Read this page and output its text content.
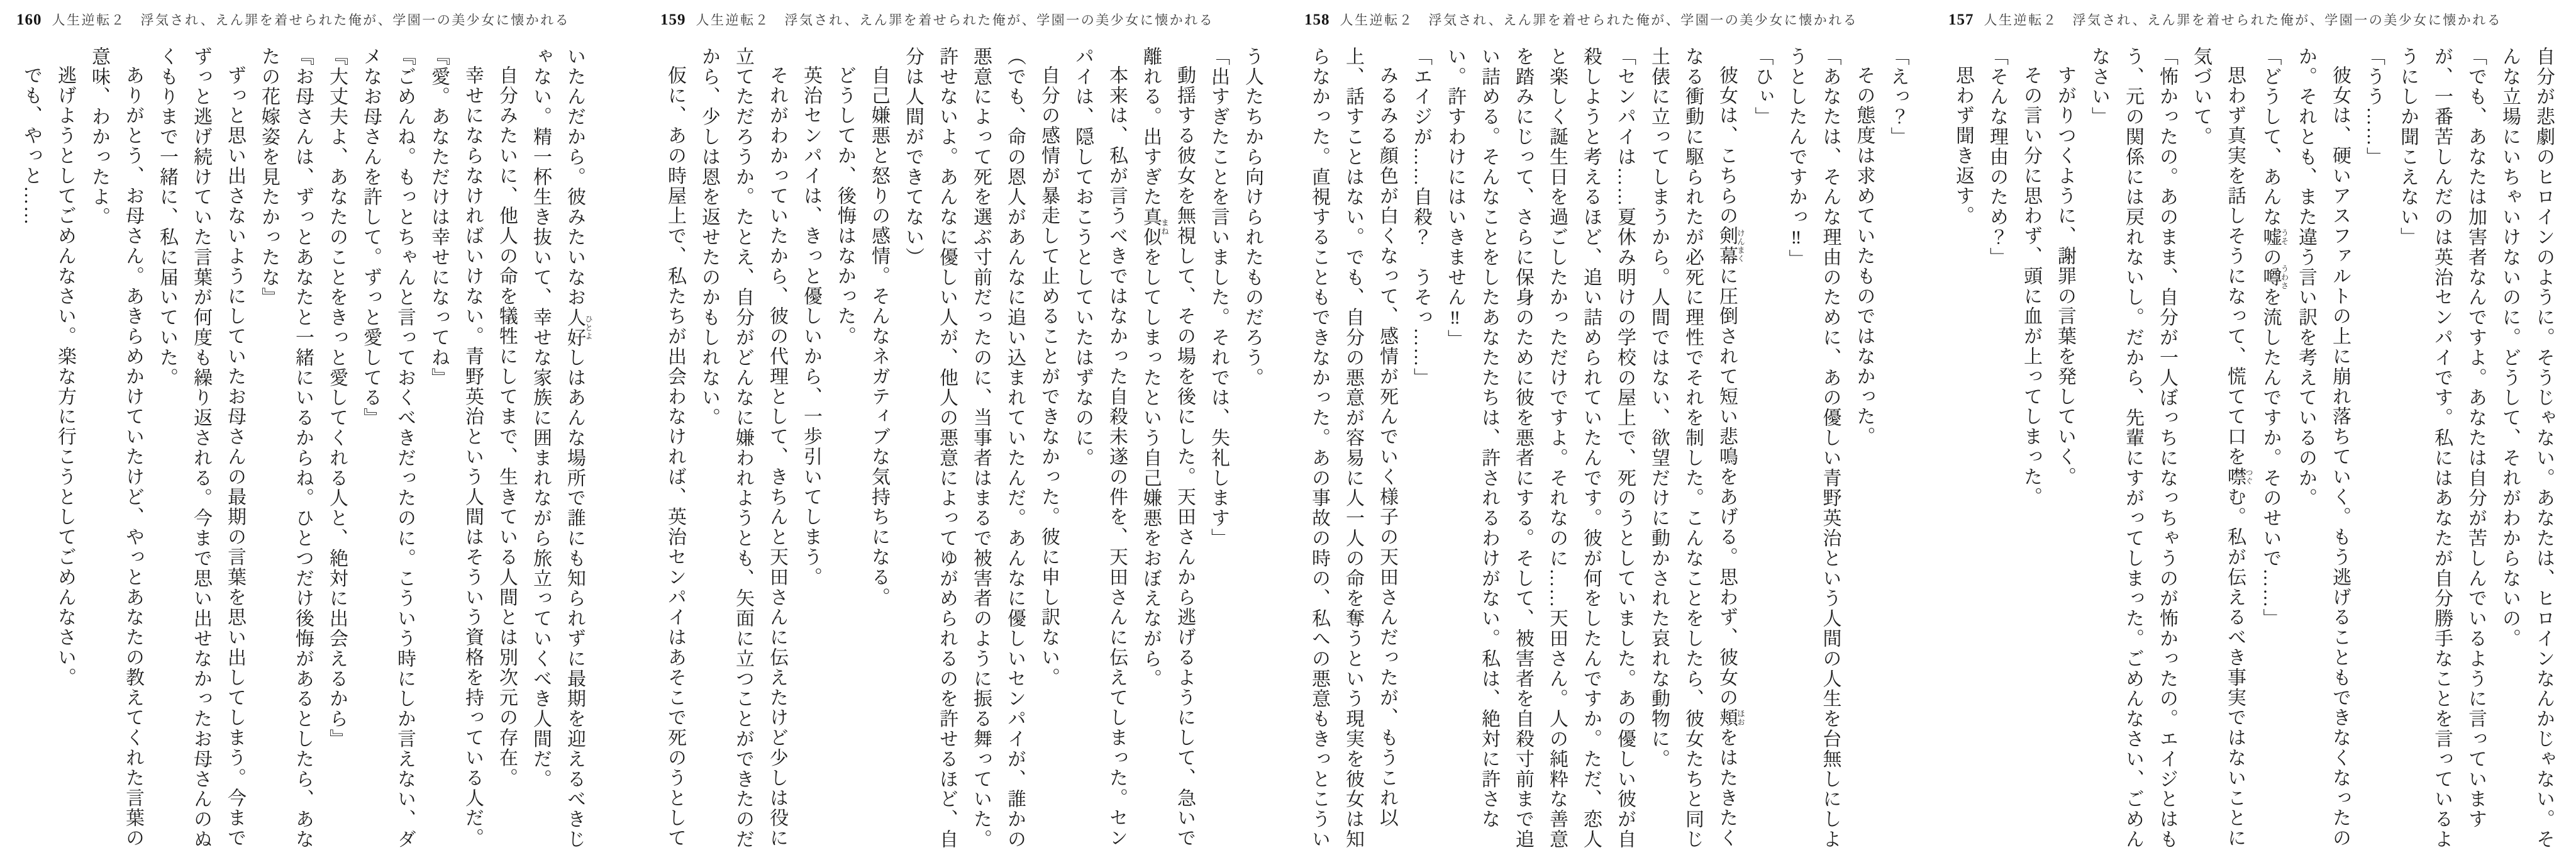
157 人生逆転２　浮気され、えん罪を着せられた俺が、学園一の美少女に懐かれる

自分が悲劇のヒロインのように。そうじゃない。あなたは、ヒロインなんかじゃない。そんな立場にいちゃいけないのに。どうして、それがわからないの。

「でも、あなたは加害者なんですよ。あなたは自分が苦しんでいるように言っていますが、一番苦しんだのは英治センパイです。私にはあなたが自分勝手なことを言っているようにしか聞こえない」

「うう……」

彼女は、硬いアスファルトの上に崩れ落ちていく。もう逃げることもできなくなったのか。それとも、また違う言い訳を考えているのか。

「どうして、あんな嘘うその噂うわさを流したんですか。そのせいで……」

思わず真実を話しそうになって、慌てて口を噤つぐむ。私が伝えるべき事実ではないことに気づいて。

「怖かったの。あのまま、自分が一人ぼっちになっちゃうのが怖かったの。エイジとはもう、元の関係には戻れないし。だから、先輩にすがってしまった。ごめんなさい、ごめんなさい」

すがりつくように、謝罪の言葉を発していく。

その言い分に思わず、頭に血が上ってしまった。

「そんな理由のため？」

思わず聞き返す。

158 人生逆転２　浮気され、えん罪を着せられた俺が、学園一の美少女に懐かれる

「えっ？」

その態度は求めていたものではなかった。

「あなたは、そんな理由のために、あの優しい青野英治という人間の人生を台無しにしようとしたんですかっ‼」

「ひぃ」

彼女は、こちらの剣幕けんまくに圧倒されて短い悲鳴をあげる。思わず、彼女の頬ほおをはたきたくなる衝動に駆られたが必死に理性でそれを制した。こんなことをしたら、彼女たちと同じ土俵に立ってしまうから。人間ではない、欲望だけに動かされた哀れな動物に。

「センパイは……夏休み明けの学校の屋上で、死のうとしていました。あの優しい彼が自殺しようと考えるほど、追い詰められていたんです。彼が何をしたんですか。ただ、恋人と楽しく誕生日を過ごしたかっただけですよ。それなのに……天田さん。人の純粋な善意を踏みにじって、さらに保身のために彼を悪者にする。そして、被害者を自殺寸前まで追い詰める。そんなことをしたあなたたちは、許されるわけがない。私は、絶対に許さない。許すわけにはいきません‼」

「エイジが……自殺？　うそっ……」

みるみる顔色が白くなって、感情が死んでいく様子の天田さんだったが、もうこれ以上、話すことはない。でも、自分の悪意が容易に人一人の命を奪うという現実を彼女は知らなかった。直視することもできなかった。あの事故の時の、私への悪意もきっとこうい

159 人生逆転２　浮気され、えん罪を着せられた俺が、学園一の美少女に懐かれる

う人たちから向けられたものだろう。

「出すぎたことを言いました。それでは、失礼します」

動揺する彼女を無視して、その場を後にした。天田さんから逃げるようにして、急いで離れる。出すぎた真似まねをしてしまったという自己嫌悪をおぼえながら。

本来は、私が言うべきではなかった自殺未遂の件を、天田さんに伝えてしまった。センパイは、隠しておこうとしていたはずなのに。

自分の感情が暴走して止めることができなかった。彼に申し訳ない。

（でも、命の恩人があんなに追い込まれていたんだ。あんなに優しいセンパイが、誰かの悪意によって死を選ぶ寸前だったのに、当事者はまるで被害者のように振る舞っていた。許せないよ。あんなに優しい人が、他人の悪意によってゆがめられるのを許せるほど、自分は人間ができてない）

自己嫌悪と怒りの感情。そんなネガティブな気持ちになる。

どうしてか、後悔はなかった。

英治センパイは、きっと優しいから、一歩引いてしまう。

それがわかっていたから、彼の代理として、きちんと天田さんに伝えたけど少しは役に立てただろうか。たとえ、自分がどんなに嫌われようとも、矢面に立つことができたのだから、少しは恩を返せたのかもしれない。

仮に、あの時屋上で、私たちが出会わなければ、英治センパイはあそこで死のうとして

160 人生逆転２　浮気され、えん罪を着せられた俺が、学園一の美少女に懐かれる

いたんだから。彼みたいなお人好ひとよしはあんな場所で誰にも知られずに最期を迎えるべきじゃない。精一杯生き抜いて、幸せな家族に囲まれながら旅立っていくべき人間だ。

自分みたいに、他人の命を犠牲にしてまで、生きている人間とは別次元の存在。

幸せにならなければいけない。青野英治という人間はそういう資格を持っている人だ。

『愛。あなただけは幸せになってね』

『ごめんね。もっとちゃんと言っておくべきだったのに。こういう時にしか言えない、ダメなお母さんを許して。ずっと愛してる』

『大丈夫よ、あなたのことをきっと愛してくれる人と、絶対に出会えるから』

『お母さんは、ずっとあなたと一緒にいるからね。ひとつだけ後悔があるとしたら、あなたの花嫁姿を見たかったな』

ずっと思い出さないようにしていたお母さんの最期の言葉を思い出してしまう。今までずっと逃げ続けていた言葉が何度も繰り返される。今まで思い出せなかったお母さんのぬくもりまで一緒に、私に届いていた。

ありがとう、お母さん。あきらめかけていたけど、やっとあなたの教えてくれた言葉の意味、わかったよ。

逃げようとしてごめんなさい。楽な方に行こうとしてごめんなさい。

でも、やっと……
